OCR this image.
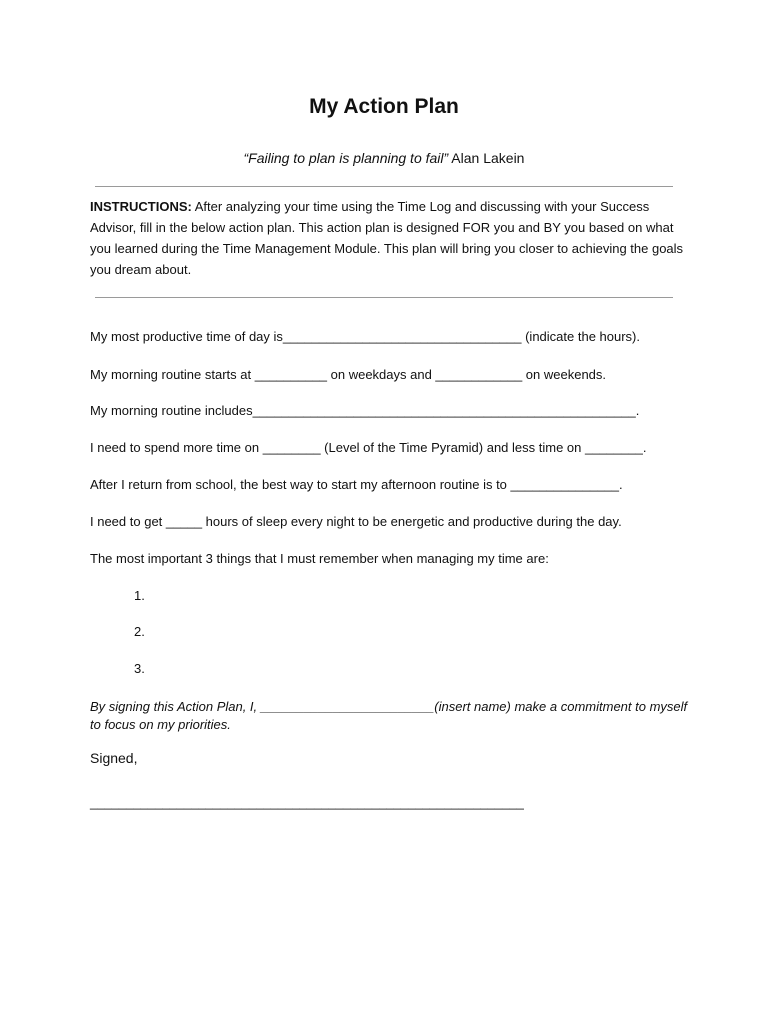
My Action Plan
“Failing to plan is planning to fail” Alan Lakein
INSTRUCTIONS: After analyzing your time using the Time Log and discussing with your Success Advisor, fill in the below action plan. This action plan is designed FOR you and BY you based on what you learned during the Time Management Module. This plan will bring you closer to achieving the goals you dream about.

My most productive time of day is_________________________________ (indicate the hours).

My morning routine starts at __________ on weekdays and ____________ on weekends.

My morning routine includes_____________________________________________________.

I need to spend more time on ________ (Level of the Time Pyramid) and less time on ________.

After I return from school, the best way to start my afternoon routine is to _______________.

I need to get _____ hours of sleep every night to be energetic and productive during the day.

The most important 3 things that I must remember when managing my time are:

1.
2.
3.
By signing this Action Plan, I, ________________________(insert name) make a commitment to myself to focus on my priorities.
Signed,
____________________________________________________________
